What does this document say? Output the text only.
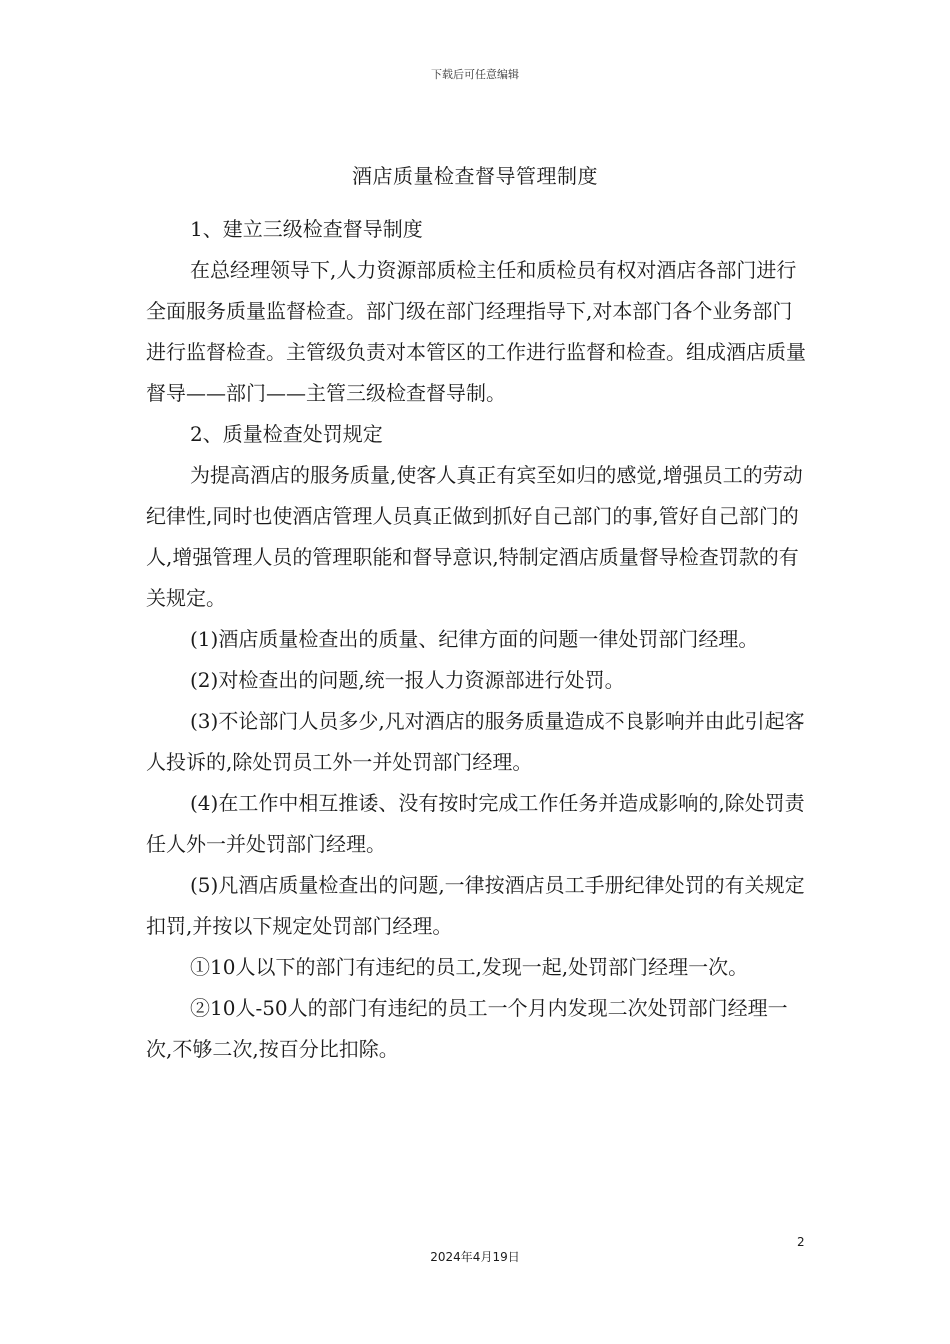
下载后可任意编辑
酒店质量检查督导管理制度

1、建立三级检查督导制度

在总经理领导下,人力资源部质检主任和质检员有权对酒店各部门进行全面服务质量监督检查。部门级在部门经理指导下,对本部门各个业务部门进行监督检查。主管级负责对本管区的工作进行监督和检查。组成酒店质量督导——部门——主管三级检查督导制。

2、质量检查处罚规定

为提高酒店的服务质量,使客人真正有宾至如归的感觉,增强员工的劳动纪律性,同时也使酒店管理人员真正做到抓好自己部门的事,管好自己部门的人,增强管理人员的管理职能和督导意识,特制定酒店质量督导检查罚款的有关规定。

(1)酒店质量检查出的质量、纪律方面的问题一律处罚部门经理。

(2)对检查出的问题,统一报人力资源部进行处罚。

(3)不论部门人员多少,凡对酒店的服务质量造成不良影响并由此引起客人投诉的,除处罚员工外一并处罚部门经理。

(4)在工作中相互推诿、没有按时完成工作任务并造成影响的,除处罚责任人外一并处罚部门经理。

(5)凡酒店质量检查出的问题,一律按酒店员工手册纪律处罚的有关规定扣罚,并按以下规定处罚部门经理。

①10人以下的部门有违纪的员工,发现一起,处罚部门经理一次。

②10人-50人的部门有违纪的员工一个月内发现二次处罚部门经理一次,不够二次,按百分比扣除。

2
2024年4月19日
